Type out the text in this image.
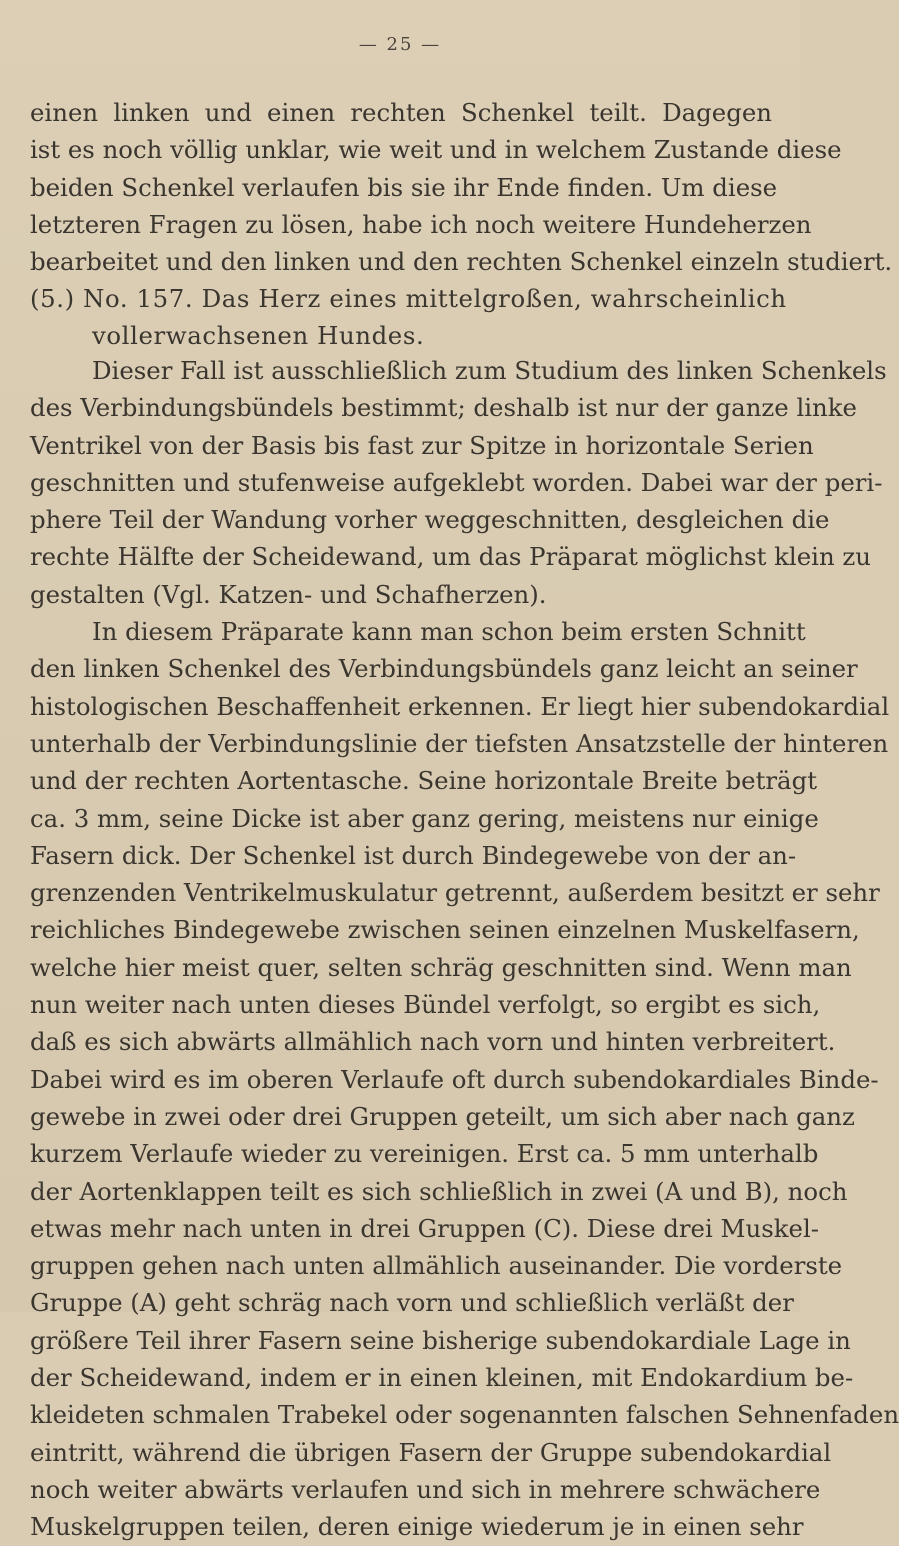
— 25 —
einen linken und einen rechten Schenkel teilt. Dagegen
ist es noch völlig unklar, wie weit und in welchem Zustande diese
beiden Schenkel verlaufen bis sie ihr Ende finden. Um diese
letzteren Fragen zu lösen, habe ich noch weitere Hundeherzen
bearbeitet und den linken und den rechten Schenkel einzeln studiert.
(5.) No. 157. Das Herz eines mittelgroßen, wahrscheinlich
vollerwachsenen Hundes.
Dieser Fall ist ausschließlich zum Studium des linken Schenkels
des Verbindungsbündels bestimmt; deshalb ist nur der ganze linke
Ventrikel von der Basis bis fast zur Spitze in horizontale Serien
geschnitten und stufenweise aufgeklebt worden. Dabei war der peri-
phere Teil der Wandung vorher weggeschnitten, desgleichen die
rechte Hälfte der Scheidewand, um das Präparat möglichst klein zu
gestalten (Vgl. Katzen- und Schafherzen).
In diesem Präparate kann man schon beim ersten Schnitt
den linken Schenkel des Verbindungsbündels ganz leicht an seiner
histologischen Beschaffenheit erkennen. Er liegt hier subendokardial
unterhalb der Verbindungslinie der tiefsten Ansatzstelle der hinteren
und der rechten Aortentasche. Seine horizontale Breite beträgt
ca. 3 mm, seine Dicke ist aber ganz gering, meistens nur einige
Fasern dick. Der Schenkel ist durch Bindegewebe von der an-
grenzenden Ventrikelmuskulatur getrennt, außerdem besitzt er sehr
reichliches Bindegewebe zwischen seinen einzelnen Muskelfasern,
welche hier meist quer, selten schräg geschnitten sind. Wenn man
nun weiter nach unten dieses Bündel verfolgt, so ergibt es sich,
daß es sich abwärts allmählich nach vorn und hinten verbreitert.
Dabei wird es im oberen Verlaufe oft durch subendokardiales Binde-
gewebe in zwei oder drei Gruppen geteilt, um sich aber nach ganz
kurzem Verlaufe wieder zu vereinigen. Erst ca. 5 mm unterhalb
der Aortenklappen teilt es sich schließlich in zwei (A und B), noch
etwas mehr nach unten in drei Gruppen (C). Diese drei Muskel-
gruppen gehen nach unten allmählich auseinander. Die vorderste
Gruppe (A) geht schräg nach vorn und schließlich verläßt der
größere Teil ihrer Fasern seine bisherige subendokardiale Lage in
der Scheidewand, indem er in einen kleinen, mit Endokardium be-
kleideten schmalen Trabekel oder sogenannten falschen Sehnenfaden
eintritt, während die übrigen Fasern der Gruppe subendokardial
noch weiter abwärts verlaufen und sich in mehrere schwächere
Muskelgruppen teilen, deren einige wiederum je in einen sehr
